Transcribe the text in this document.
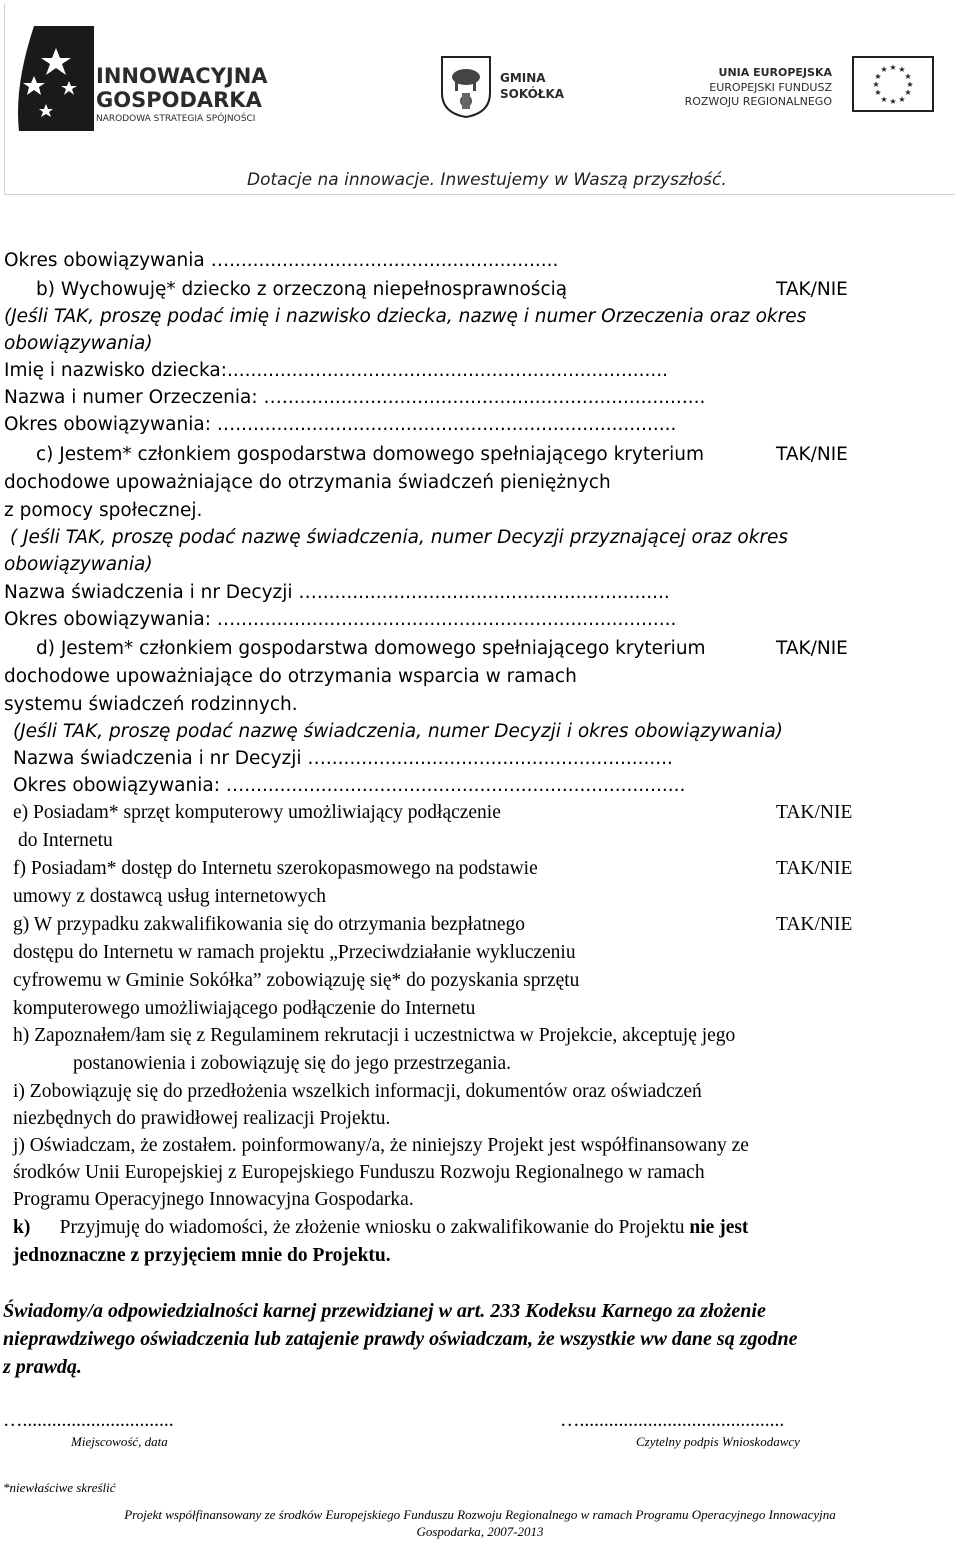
INNOWACYJNA
GOSPODARKA
NARODOWA STRATEGIA SPÓJNOŚCI
GMINA
SOKÓŁKA
UNIA EUROPEJSKA
EUROPEJSKI FUNDUSZ
ROZWOJU REGIONALNEGO
★ ★
★
★
★
★
★
★
★
★
★
★
Dotacje na innowacje. Inwestujemy w Waszą przyszłość.
Okres obowiązywania …........................................................
b) Wychowuję* dziecko z orzeczoną niepełnosprawnością	TAK/NIE
(Jeśli TAK, proszę podać imię i nazwisko dziecka, nazwę i numer Orzeczenia oraz okres
obowiązywania)
Imię i nazwisko dziecka:...........................................................................
Nazwa i numer Orzeczenia: …........................................................................
Okres obowiązywania: …...........................................................................
c) Jestem* członkiem gospodarstwa domowego spełniającego kryterium	TAK/NIE
dochodowe upoważniające do otrzymania świadczeń pieniężnych
z pomocy społecznej.
( Jeśli TAK, proszę podać nazwę świadczenia, numer Decyzji przyznającej oraz okres
obowiązywania)
Nazwa świadczenia i nr Decyzji …............................................................
Okres obowiązywania: …...........................................................................
d) Jestem* członkiem gospodarstwa domowego spełniającego kryterium	TAK/NIE
dochodowe upoważniające do otrzymania wsparcia w ramach
systemu świadczeń rodzinnych.
(Jeśli TAK, proszę podać nazwę świadczenia, numer Decyzji i okres obowiązywania)
Nazwa świadczenia i nr Decyzji …...........................................................
Okres obowiązywania: …...........................................................................
e) Posiadam* sprzęt komputerowy umożliwiający podłączenie	TAK/NIE
do Internetu
f) Posiadam* dostęp do Internetu szerokopasmowego na podstawie	TAK/NIE
umowy z dostawcą usług internetowych
g) W przypadku zakwalifikowania się do otrzymania bezpłatnego	TAK/NIE
dostępu do Internetu w ramach projektu „Przeciwdziałanie wykluczeniu
cyfrowemu w Gminie Sokółka” zobowiązuję się* do pozyskania sprzętu
komputerowego umożliwiającego podłączenie do Internetu
h) Zapoznałem/łam się z Regulaminem rekrutacji i uczestnictwa w Projekcie, akceptuję jego
postanowienia i zobowiązuję się do jego przestrzegania.
i) Zobowiązuję się do przedłożenia wszelkich informacji, dokumentów oraz oświadczeń
niezbędnych do prawidłowej realizacji Projektu.
j) Oświadczam, że zostałem. poinformowany/a, że niniejszy Projekt jest współfinansowany ze
środków Unii Europejskiej z Europejskiego Funduszu Rozwoju Regionalnego w ramach
Programu Operacyjnego Innowacyjna Gospodarka.
k)      Przyjmuję do wiadomości, że złożenie wniosku o zakwalifikowanie do Projektu nie jest
jednoznaczne z przyjęciem mnie do Projektu.
Świadomy/a odpowiedzialności karnej przewidzianej w art. 233 Kodeksu Karnego za złożenie
nieprawdziwego oświadczenia lub zatajenie prawdy oświadczam, że wszystkie ww dane są zgodne
z prawdą.
…...............................	…..........................................
Miejscowość, data	Czytelny podpis Wnioskodawcy
*niewłaściwe skreślić
Projekt współfinansowany ze środków Europejskiego Funduszu Rozwoju Regionalnego w ramach Programu Operacyjnego Innowacyjna
Gospodarka, 2007-2013
